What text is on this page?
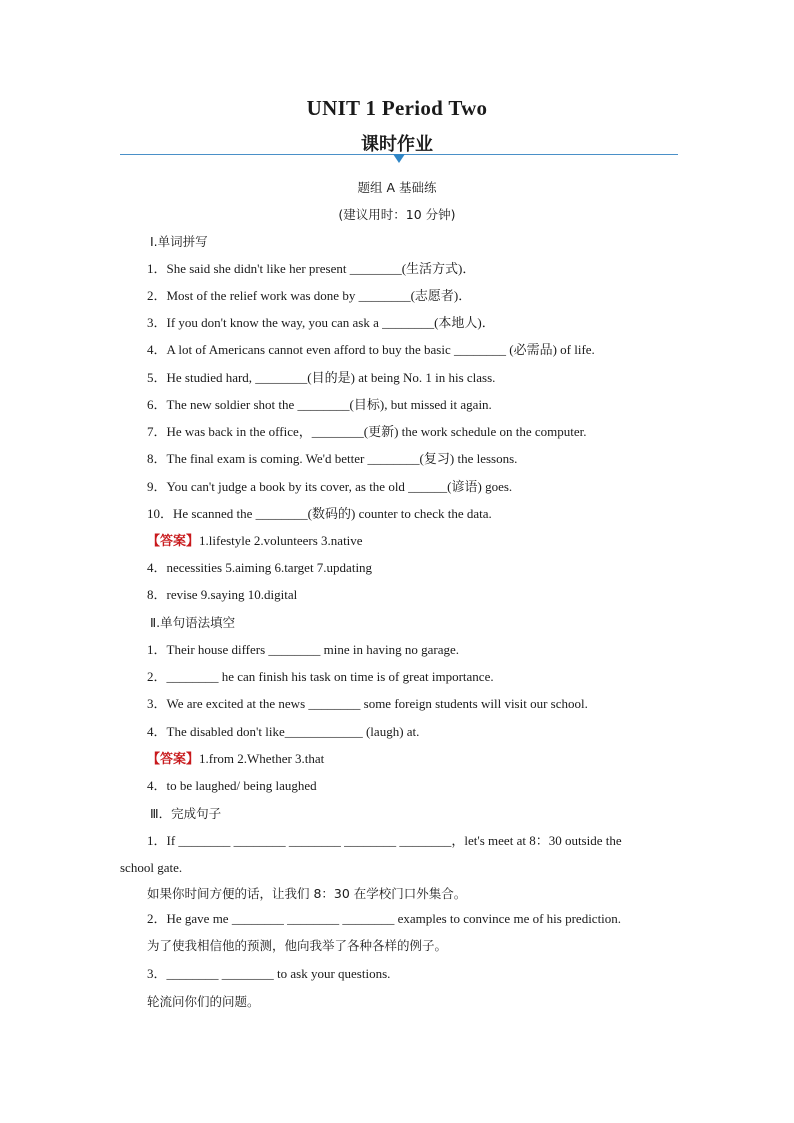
UNIT 1 Period Two
课时作业
题组 A 基础练
(建议用时：10 分钟)
Ⅰ.单词拼写
1．She said she didn't like her present ________(生活方式)．
2．Most of the relief work was done by ________(志愿者)．
3．If you don't know the way, you can ask a ________(本地人)．
4．A lot of Americans cannot even afford to buy the basic ________ (必需品) of life.
5．He studied hard, ________(目的是) at being No. 1 in his class.
6．The new soldier shot the ________(目标), but missed it again.
7．He was back in the office，________(更新) the work schedule on the computer.
8．The final exam is coming. We'd better ________(复习) the lessons.
9．You can't judge a book by its cover, as the old ______(谚语) goes.
10．He scanned the ________(数码的) counter to check the data.
【答案】1.lifestyle 2.volunteers 3.native
4．necessities 5.aiming 6.target 7.updating
8．revise 9.saying 10.digital
Ⅱ.单句语法填空
1．Their house differs ________ mine in having no garage.
2．________ he can finish his task on time is of great importance.
3．We are excited at the news ________ some foreign students will visit our school.
4．The disabled don't like____________ (laugh) at.
【答案】1.from 2.Whether 3.that
4．to be laughed/ being laughed
Ⅲ．完成句子
1．If ________ ________ ________ ________ ________，let's meet at 8：30 outside the
school gate.
如果你时间方便的话，让我们 8：30 在学校门口外集合。
2．He gave me ________ ________ ________ examples to convince me of his prediction.
为了使我相信他的预测，他向我举了各种各样的例子。
3．________ ________ to ask your questions.
轮流问你们的问题。
